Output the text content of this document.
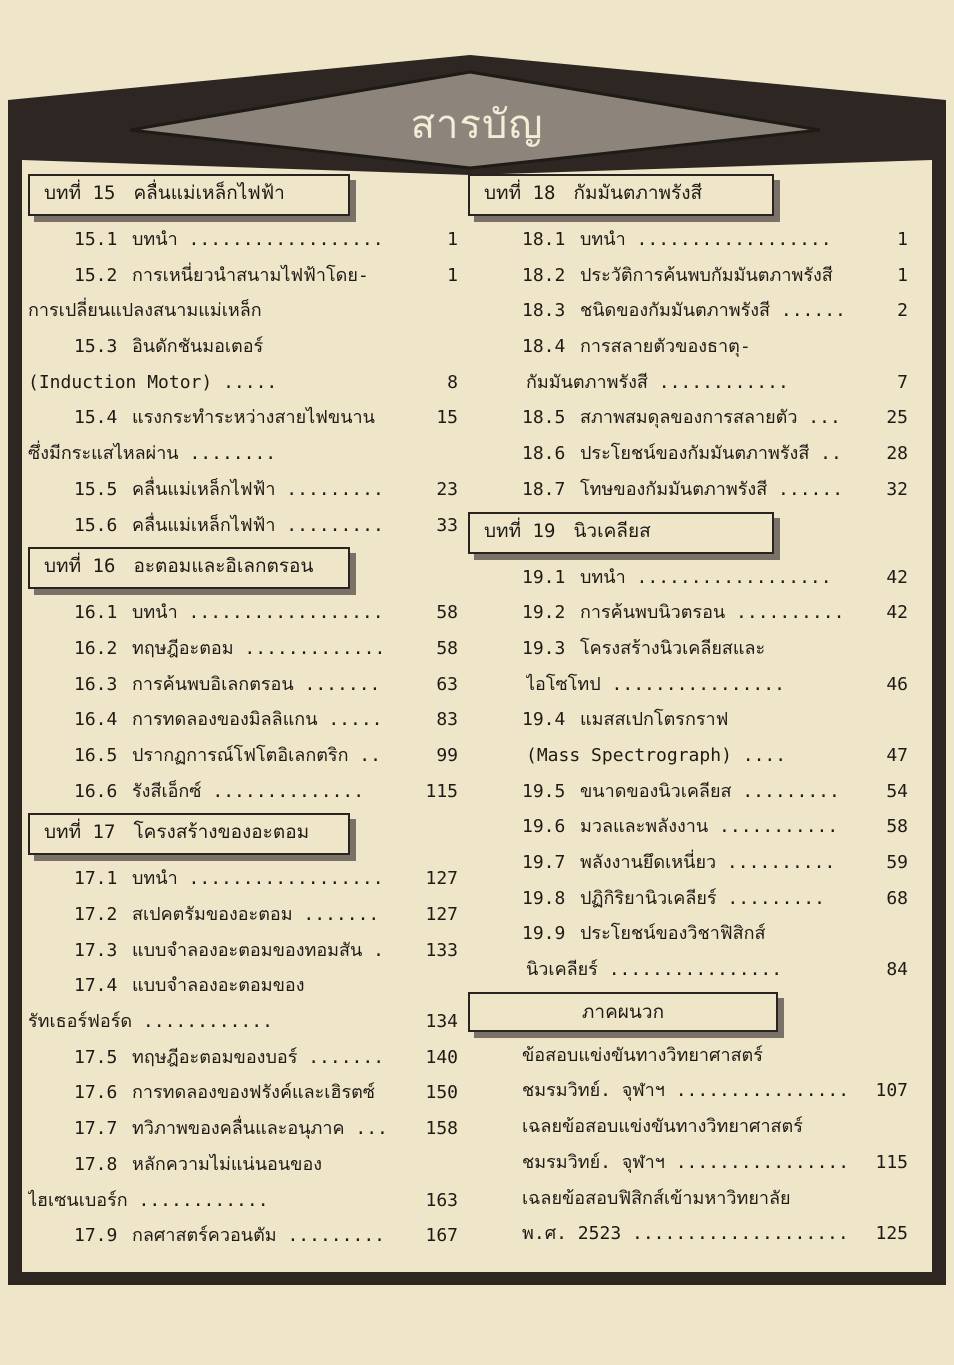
สารบัญ
บทที่ 15 คลื่นแม่เหล็กไฟฟ้า
15.1 บทนำ ..................	1
15.2 การเหนี่ยวนำสนามไฟฟ้าโดย-	1
การเปลี่ยนแปลงสนามแม่เหล็ก
15.3 อินดักชันมอเตอร์
(Induction Motor) .....	8
15.4 แรงกระทำระหว่างสายไฟขนาน	15
ซึ่งมีกระแสไหลผ่าน ........
15.5 คลื่นแม่เหล็กไฟฟ้า .........	23
15.6 คลื่นแม่เหล็กไฟฟ้า .........	33
บทที่ 16 อะตอมและอิเลกตรอน
16.1 บทนำ ..................	58
16.2 ทฤษฎีอะตอม .............	58
16.3 การค้นพบอิเลกตรอน .......	63
16.4 การทดลองของมิลลิแกน .....	83
16.5 ปรากฏการณ์โฟโตอิเลกตริก ..	99
16.6 รังสีเอ็กซ์ ..............	115
บทที่ 17 โครงสร้างของอะตอม
17.1 บทนำ ..................	127
17.2 สเปคตรัมของอะตอม .......	127
17.3 แบบจำลองอะตอมของทอมสัน .	133
17.4 แบบจำลองอะตอมของ
รัทเธอร์ฟอร์ด ............	134
17.5 ทฤษฎีอะตอมของบอร์ .......	140
17.6 การทดลองของฟรังค์และเฮิรตซ์	150
17.7 ทวิภาพของคลื่นและอนุภาค ...	158
17.8 หลักความไม่แน่นอนของ
ไฮเซนเบอร์ก ............	163
17.9 กลศาสตร์ควอนตัม .........	167
บทที่ 18 กัมมันตภาพรังสี
18.1 บทนำ ..................	1
18.2 ประวัติการค้นพบกัมมันตภาพรังสี	1
18.3 ชนิดของกัมมันตภาพรังสี ......	2
18.4 การสลายตัวของธาตุ-
กัมมันตภาพรังสี ............	7
18.5 สภาพสมดุลของการสลายตัว ...	25
18.6 ประโยชน์ของกัมมันตภาพรังสี ..	28
18.7 โทษของกัมมันตภาพรังสี ......	32
บทที่ 19 นิวเคลียส
19.1 บทนำ ..................	42
19.2 การค้นพบนิวตรอน ..........	42
19.3 โครงสร้างนิวเคลียสและ
ไอโซโทป ................	46
19.4 แมสสเปกโตรกราฟ
(Mass Spectrograph) ....	47
19.5 ขนาดของนิวเคลียส .........	54
19.6 มวลและพลังงาน ...........	58
19.7 พลังงานยึดเหนี่ยว ..........	59
19.8 ปฏิกิริยานิวเคลียร์ .........	68
19.9 ประโยชน์ของวิชาฟิสิกส์
นิวเคลียร์ ................	84
ภาคผนวก
ข้อสอบแข่งขันทางวิทยาศาสตร์
ชมรมวิทย์. จุฬาฯ ................	107
เฉลยข้อสอบแข่งขันทางวิทยาศาสตร์
ชมรมวิทย์. จุฬาฯ ................	115
เฉลยข้อสอบฟิสิกส์เข้ามหาวิทยาลัย
พ.ศ. 2523 ....................	125
